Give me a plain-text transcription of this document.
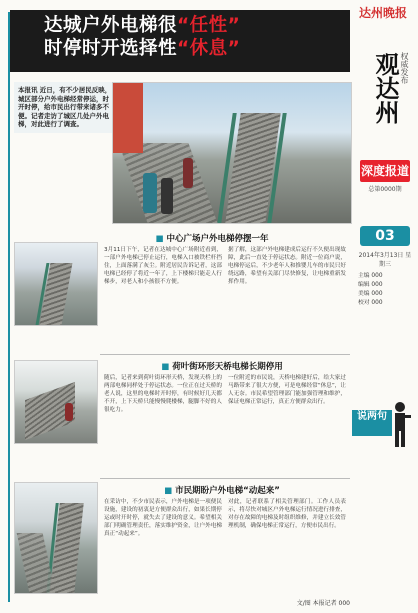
达城户外电梯很“任性”
时停时开选择性“休息”
达州晚报
观达州 权威发布
深度报道
总第0000期
03
2014年3月13日 星期三
主编 000
编辑 000
美编 000
校对 000
本报讯 近日，有不少居民反映，城区部分户外电梯经常停运，时开时停，给市民出行带来诸多不便。记者走访了城区几处户外电梯，对此进行了调查。
■ 中心广场户外电梯停摆一年
3月11日下午，记者在达城中心广场附近看到，一部户外电梯已停止运行，电梯入口被铁栏杆挡住，上面落满了灰尘。附近居民告诉记者，这部电梯已经停了将近一年了，上下楼梯只能走人行梯步，对老人和小孩很不方便。
据了解，这部户外电梯建成后运行不久便出现故障，此后一直处于停运状态。附近一位商户说，电梯停运后，不少老年人和推婴儿车的市民只好绕远路，希望有关部门尽快修复，让电梯重新发挥作用。
■ 荷叶街环形天桥电梯长期停用
随后，记者来到荷叶街环形天桥，发现天桥上的两部电梯同样处于停运状态。一位正在过天桥的老人说，这里的电梯时开时停，有时候好几天都不开，上下天桥只能慢慢爬楼梯，腿脚不好的人很吃力。
一位附近的市民说，天桥电梯建好后，给大家过马路带来了很大方便，可是电梯经常“休息”，让人无奈。市民希望管理部门能加强管理和维护，保证电梯正常运行，真正方便群众出行。
说两句
■ 市民期盼户外电梯“动起来”
在采访中，不少市民表示，户外电梯是一项便民设施，建设的初衷是方便群众出行，如果长期停运或时开时停，就失去了建设的意义。希望相关部门明确管理责任，落实维护资金，让户外电梯真正“动起来”。
对此，记者联系了相关管理部门。工作人员表示，将尽快对城区户外电梯运行情况进行排查，对存在故障的电梯及时组织维修，并建立长效管理机制，确保电梯正常运行，方便市民出行。
文/图 本报记者 000
